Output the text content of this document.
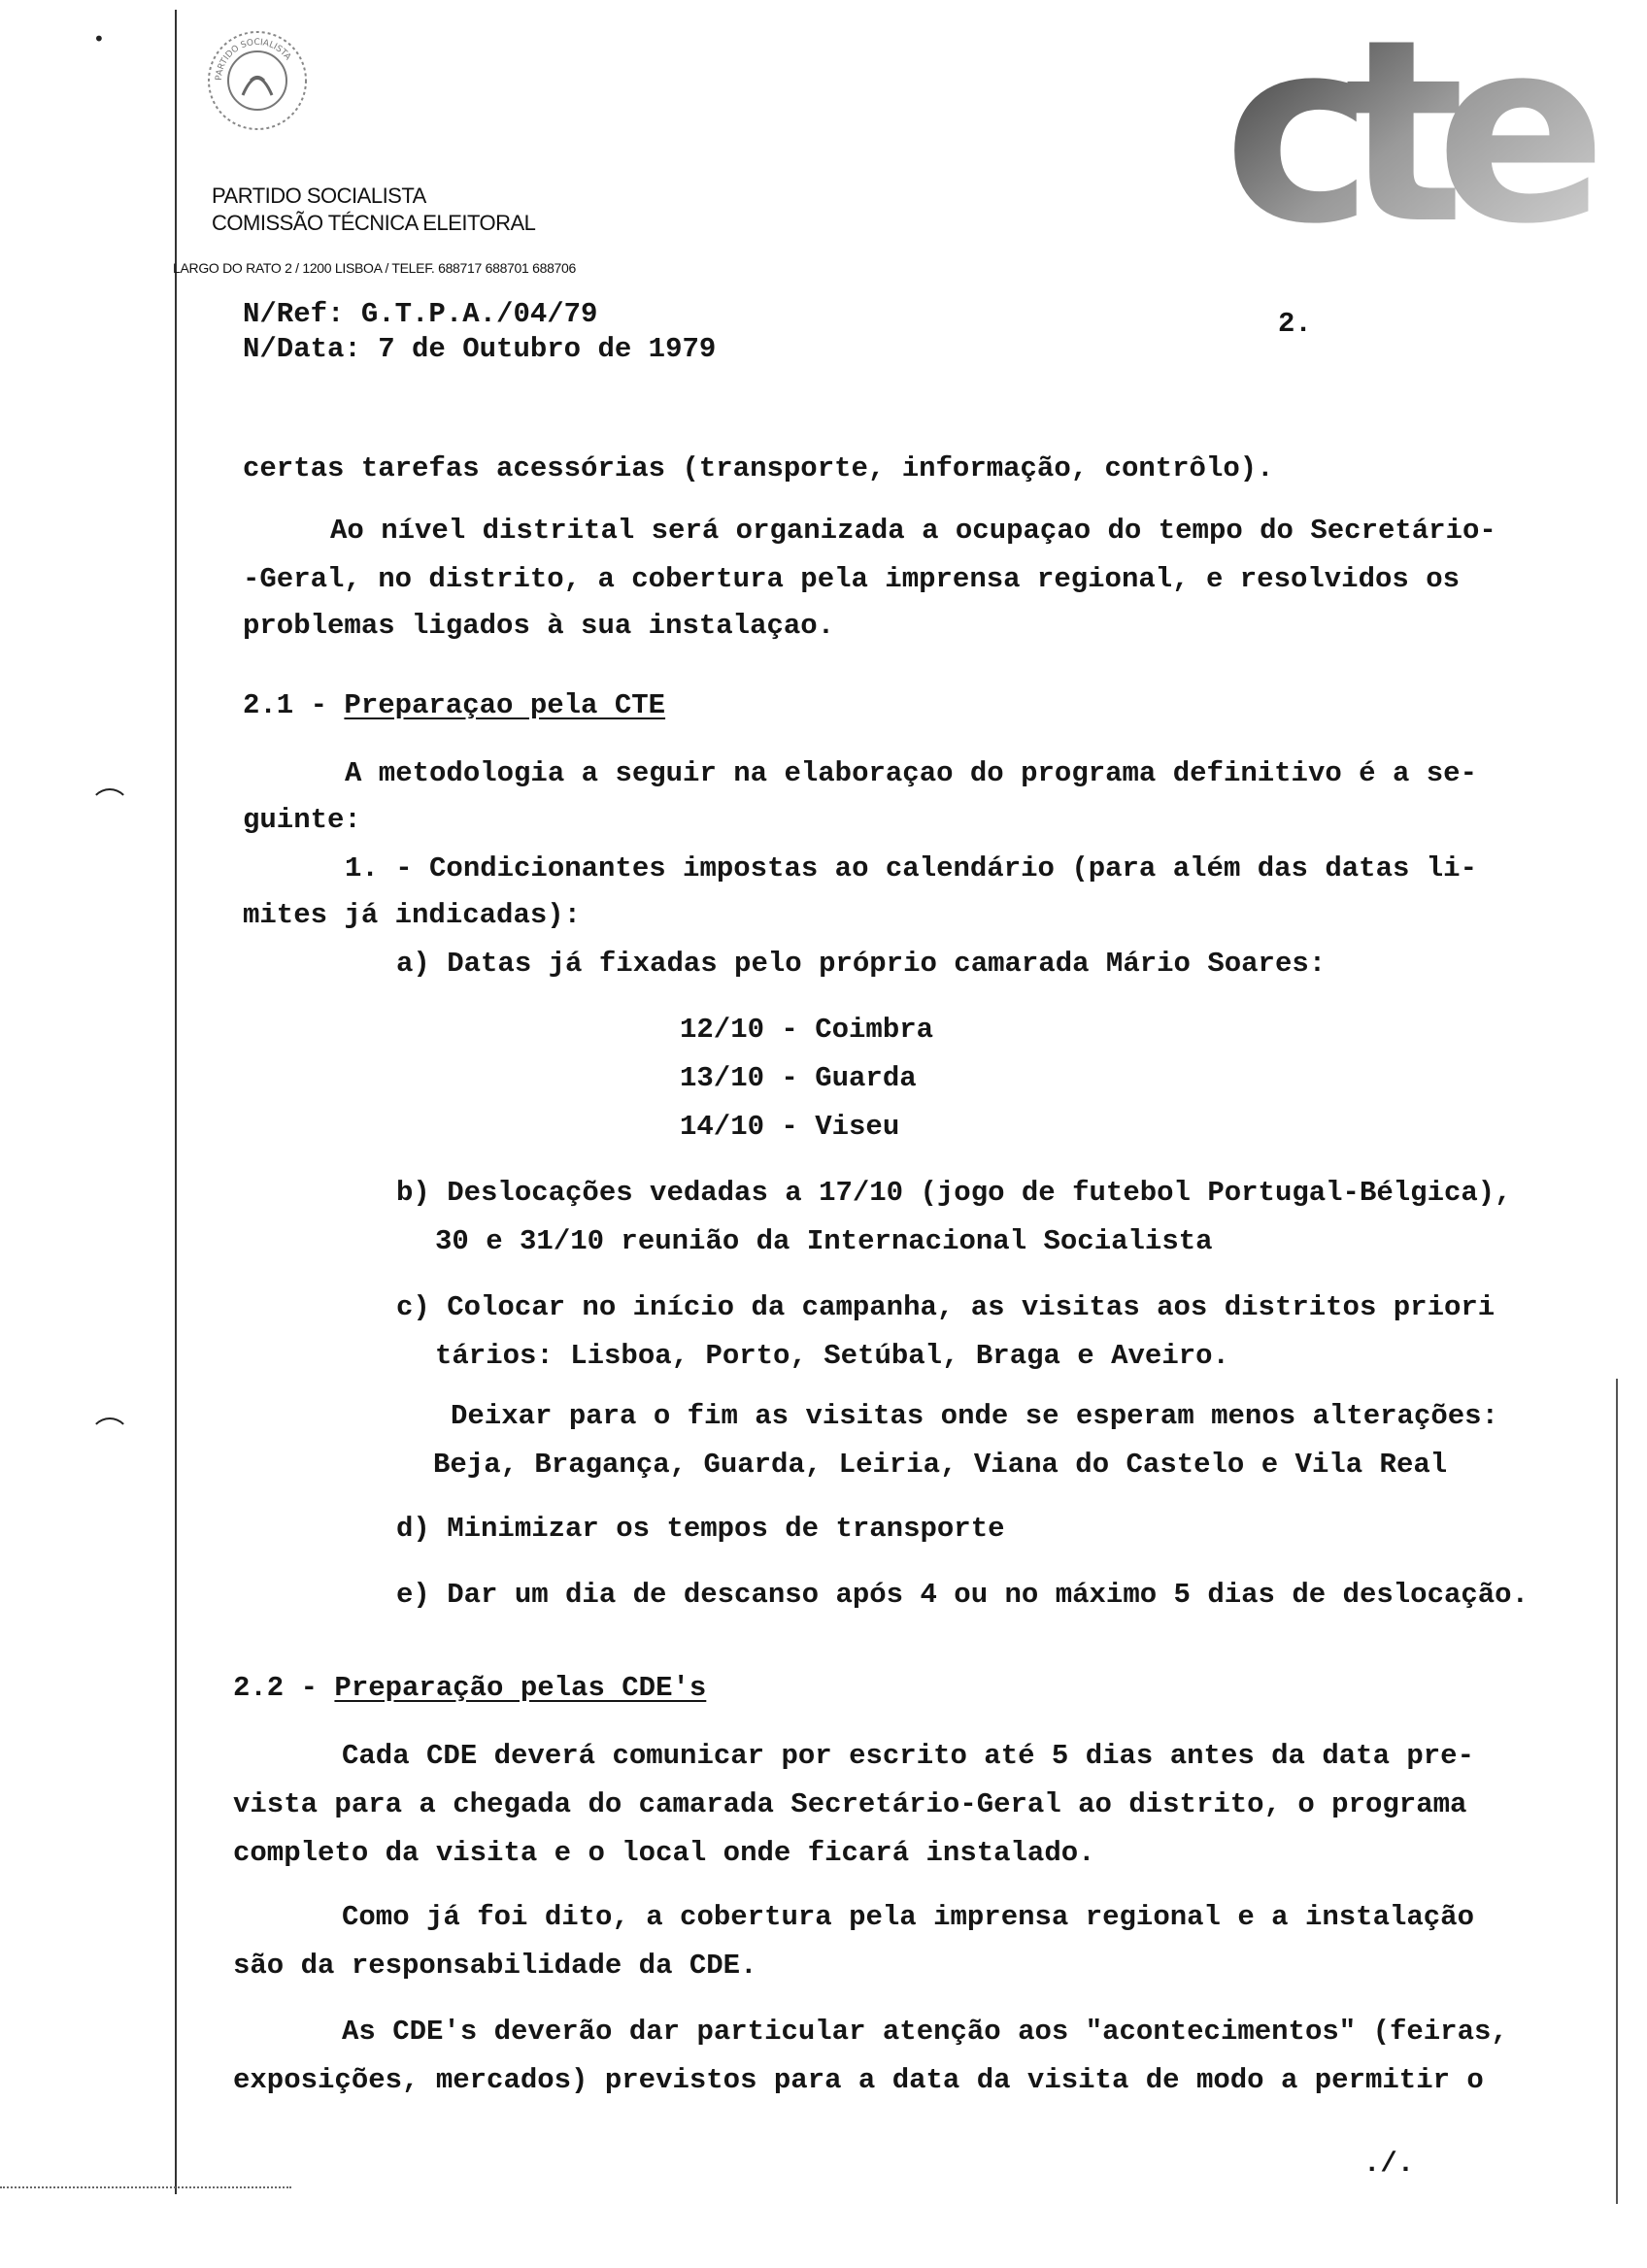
•
PARTIDO SOCIALISTA	cte
PARTIDO SOCIALISTA
COMISSÃO TÉCNICA ELEITORAL
LARGO DO RATO 2 / 1200 LISBOA / TELEF. 688717 688701 688706
N/Ref: G.T.P.A./04/79
N/Data: 7 de Outubro de 1979
2.
certas tarefas acessórias (transporte, informação, contrôlo).
Ao nível distrital será organizada a ocupaçao do tempo do Secretário-
-Geral, no distrito, a cobertura pela imprensa regional, e resolvidos os
problemas ligados à sua instalaçao.
2.1 - Preparaçao pela CTE
A metodologia a seguir na elaboraçao do programa definitivo é a se-
guinte:
1. - Condicionantes impostas ao calendário (para além das datas li-
mites já indicadas):
a) Datas já fixadas pelo próprio camarada Mário Soares:
12/10 - Coimbra
13/10 - Guarda
14/10 - Viseu
b) Deslocações vedadas a 17/10 (jogo de futebol Portugal-Bélgica),
30 e 31/10 reunião da Internacional Socialista
c) Colocar no início da campanha, as visitas aos distritos priori
tários: Lisboa, Porto, Setúbal, Braga e Aveiro.
Deixar para o fim as visitas onde se esperam menos alterações:
Beja, Bragança, Guarda, Leiria, Viana do Castelo e Vila Real
d) Minimizar os tempos de transporte
e) Dar um dia de descanso após 4 ou no máximo 5 dias de deslocação.
2.2 - Preparação pelas CDE's
Cada CDE deverá comunicar por escrito até 5 dias antes da data pre-
vista para a chegada do camarada Secretário-Geral ao distrito, o programa
completo da visita e o local onde ficará instalado.
Como já foi dito, a cobertura pela imprensa regional e a instalação
são da responsabilidade da CDE.
As CDE's deverão dar particular atenção aos "acontecimentos" (feiras,
exposições, mercados) previstos para a data da visita de modo a permitir o
./.
